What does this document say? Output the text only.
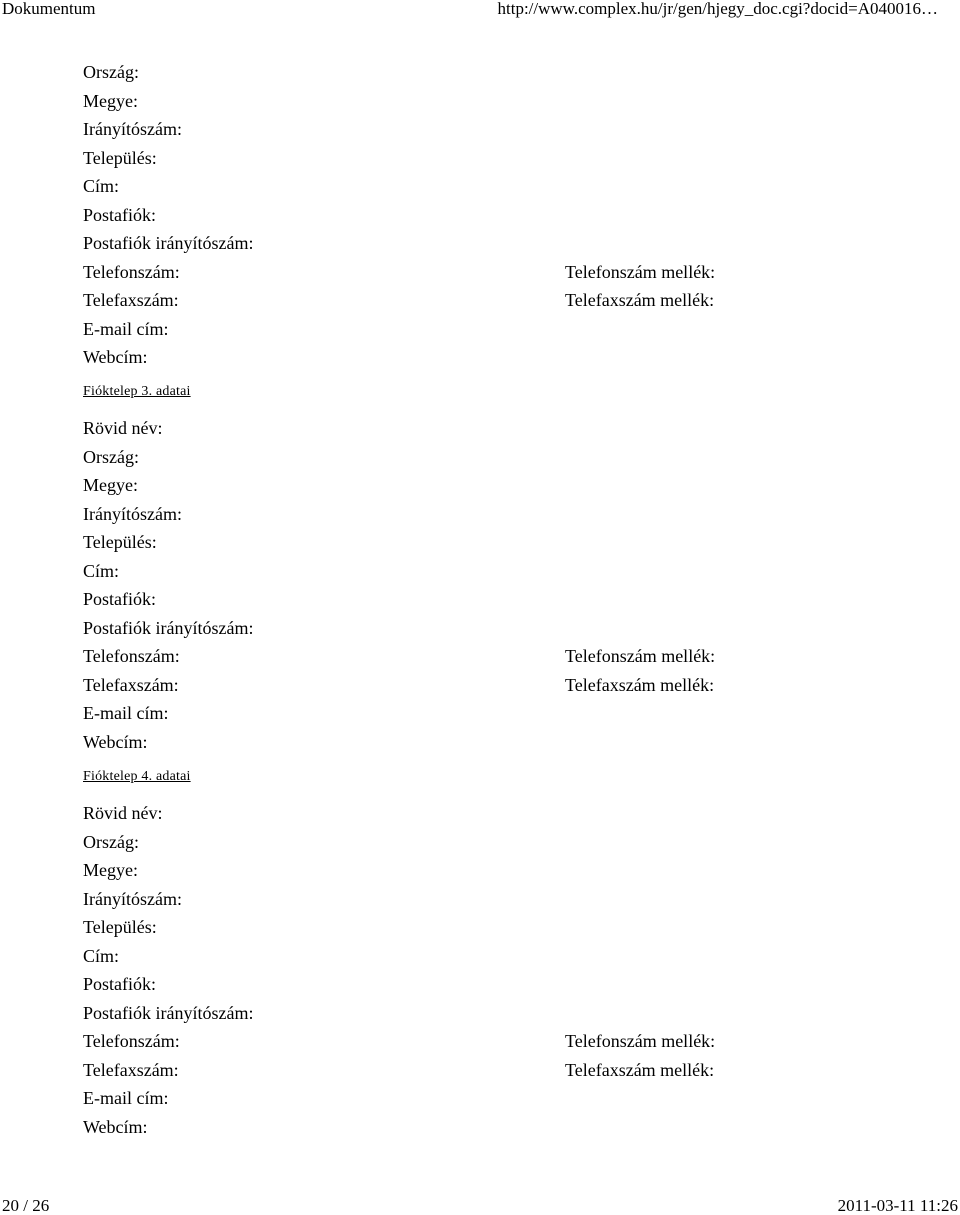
Dokumentum	http://www.complex.hu/jr/gen/hjegy_doc.cgi?docid=A040016…
Ország:
Megye:
Irányítószám:
Település:
Cím:
Postafiók:
Postafiók irányítószám:
Telefonszám:	Telefonszám mellék:
Telefaxszám:	Telefaxszám mellék:
E-mail cím:
Webcím:
Fióktelep 3. adatai
Rövid név:
Ország:
Megye:
Irányítószám:
Település:
Cím:
Postafiók:
Postafiók irányítószám:
Telefonszám:	Telefonszám mellék:
Telefaxszám:	Telefaxszám mellék:
E-mail cím:
Webcím:
Fióktelep 4. adatai
Rövid név:
Ország:
Megye:
Irányítószám:
Település:
Cím:
Postafiók:
Postafiók irányítószám:
Telefonszám:	Telefonszám mellék:
Telefaxszám:	Telefaxszám mellék:
E-mail cím:
Webcím:
20 / 26	2011-03-11 11:26
